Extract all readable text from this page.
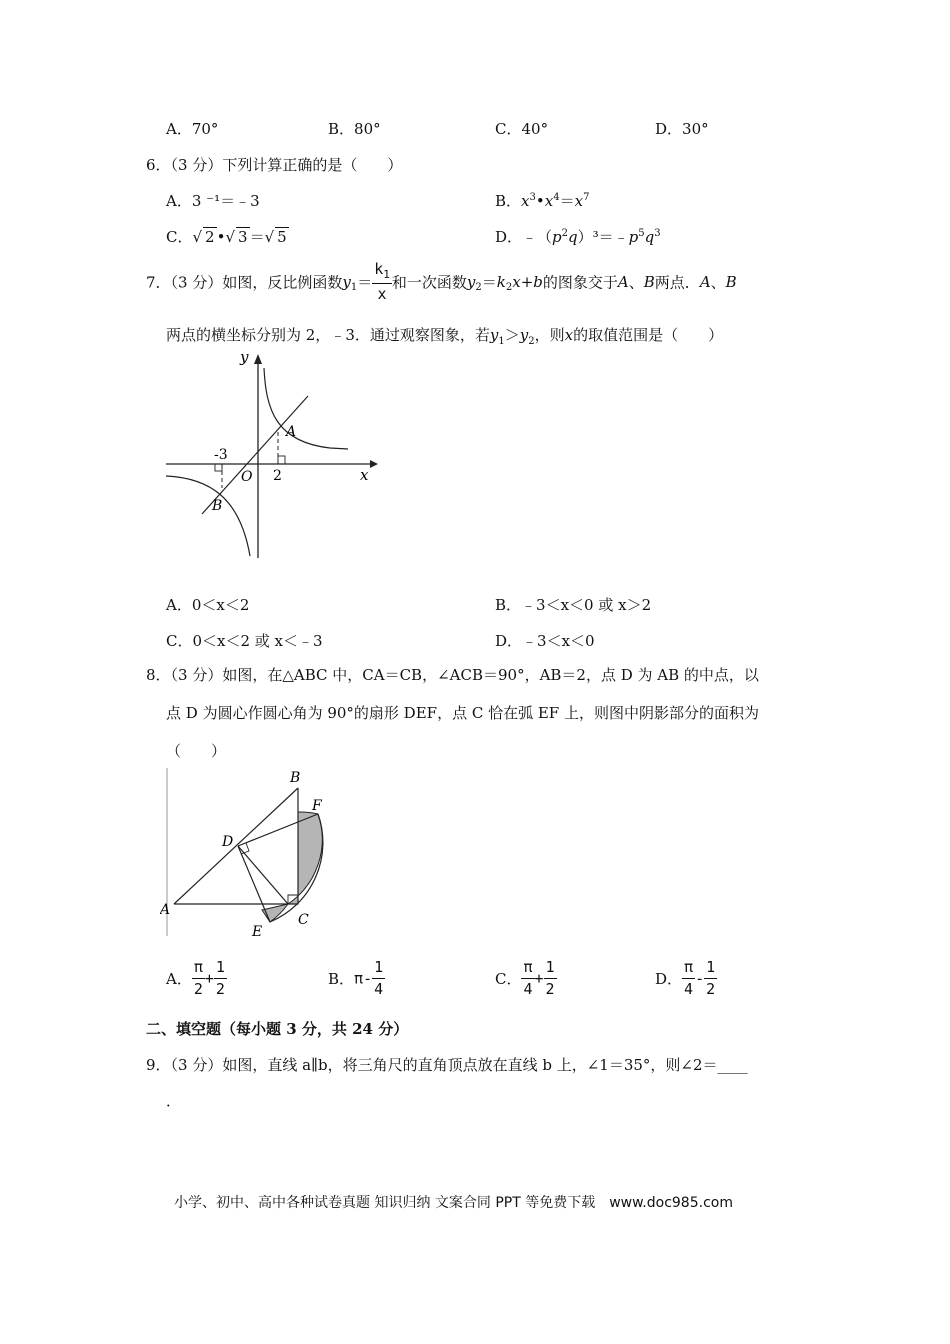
A．70°	B．80°	C．40°	D．30°
6．（3 分）下列计算正确的是（　　）
A．3 ⁻¹＝﹣3	B．$x^3•x^4=x^7$
C．√ 2 •√ 3 ＝√ 5	D．$﹣(p^2q)^3=﹣p^5q^3$
7．（3 分）如图，反比例函数$y_1= \frac{k_1}{x}$ 和一次函数$y_2=k_2x+b$的图象交于A、B两点．A、B
两点的横坐标分别为 2，﹣3．通过观察图象，若$y_1>y_2$，则x的取值范围是（　　）
y
x
A
B
O
-3
2
A．0＜x＜2	B．﹣3＜x＜0 或 x＞2
C．0＜x＜2 或 x＜﹣3	D．﹣3＜x＜0
8．（3 分）如图，在△ABC 中，CA＝CB，∠ACB＝90°，AB＝2，点 D 为 AB 的中点，以
点 D 为圆心作圆心角为 90°的扇形 DEF，点 C 恰在弧 EF 上，则图中阴影部分的面积为
（　　）
A
B
C
D
E
F
A． $\frac{\pi}{2} + \frac{1}{2}$	B．$\pi- \frac{1}{4}$	C． $\frac{\pi}{4} + \frac{1}{2}$	D． $\frac{\pi}{4} - \frac{1}{2}$
二、填空题（每小题 3 分，共 24 分）
9．（3 分）如图，直线 a∥b，将三角尺的直角顶点放在直线 b 上，∠1＝35°，则∠2＝____
．
小学、初中、高中各种试卷真题 知识归纳 文案合同 PPT 等免费下载　www.doc985.com
